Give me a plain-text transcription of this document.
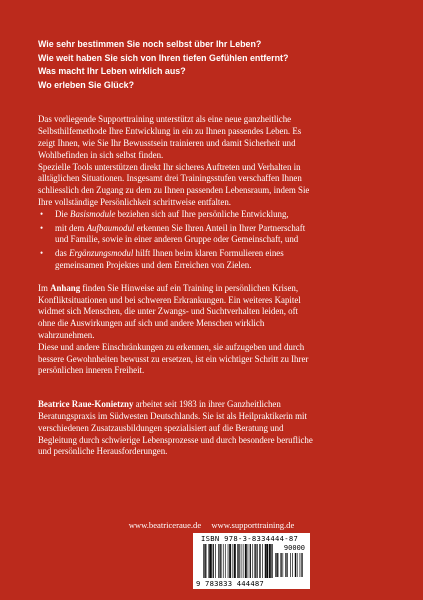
Wie sehr bestimmen Sie noch selbst über Ihr Leben?
Wie weit haben Sie sich von Ihren tiefen Gefühlen entfernt?
Was macht Ihr Leben wirklich aus?
Wo erleben Sie Glück?
Das vorliegende Supporttraining unterstützt als eine neue ganzheitliche
Selbsthilfemethode Ihre Entwicklung in ein zu Ihnen passendes Leben. Es
zeigt Ihnen, wie Sie Ihr Bewusstsein trainieren und damit Sicherheit und
Wohlbefinden in sich selbst finden.
Spezielle Tools unterstützen direkt Ihr sicheres Auftreten und Verhalten in
alltäglichen Situationen. Insgesamt drei Trainingsstufen verschaffen Ihnen
schliesslich den Zugang zu dem zu Ihnen passenden Lebensraum, indem Sie
Ihre vollständige Persönlichkeit schrittweise entfalten.
• Die Basismodule beziehen sich auf Ihre persönliche Entwicklung,
• mit dem Aufbaumodul erkennen Sie Ihren Anteil in Ihrer Partnerschaft
und Familie, sowie in einer anderen Gruppe oder Gemeinschaft, und
• das Ergänzungsmodul hilft Ihnen beim klaren Formulieren eines
gemeinsamen Projektes und dem Erreichen von Zielen.
Im Anhang finden Sie Hinweise auf ein Training in persönlichen Krisen,
Konfliktsituationen und bei schweren Erkrankungen. Ein weiteres Kapitel
widmet sich Menschen, die unter Zwangs- und Suchtverhalten leiden, oft
ohne die Auswirkungen auf sich und andere Menschen wirklich
wahrzunehmen.
Diese und andere Einschränkungen zu erkennen, sie aufzugeben und durch
bessere Gewohnheiten bewusst zu ersetzen, ist ein wichtiger Schritt zu Ihrer
persönlichen inneren Freiheit.
Beatrice Raue-Konietzny arbeitet seit 1983 in ihrer Ganzheitlichen
Beratungspraxis im Südwesten Deutschlands. Sie ist als Heilpraktikerin mit
verschiedenen Zusatzausbildungen spezialisiert auf die Beratung und
Begleitung durch schwierige Lebensprozesse und durch besondere berufliche
und persönliche Herausforderungen.
www.beatriceraue.de www.supporttraining.de
ISBN 978-3-8334444-87
90000
9 783833 444487
